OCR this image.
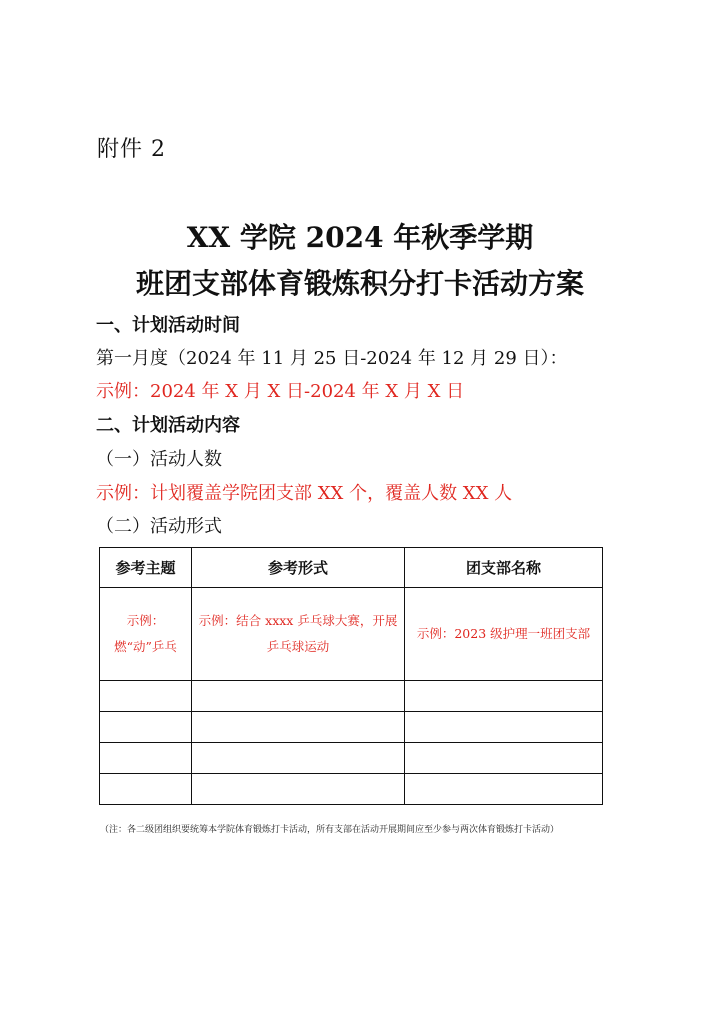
附件 2
XX 学院 2024 年秋季学期
班团支部体育锻炼积分打卡活动方案
一、计划活动时间
第一月度（2024 年 11 月 25 日-2024 年 12 月 29 日）：
示例：2024 年 X 月 X 日-2024 年 X 月 X 日
二、计划活动内容
（一）活动人数
示例：计划覆盖学院团支部 XX 个，覆盖人数 XX 人
（二）活动形式
参考主题	参考形式	团支部名称
示例：燃“动”乒乓	示例：结合 xxxx 乒乓球大赛，开展乒乓球运动	示例：2023 级护理一班团支部

（注：各二级团组织要统筹本学院体育锻炼打卡活动，所有支部在活动开展期间应至少参与两次体育锻炼打卡活动）
